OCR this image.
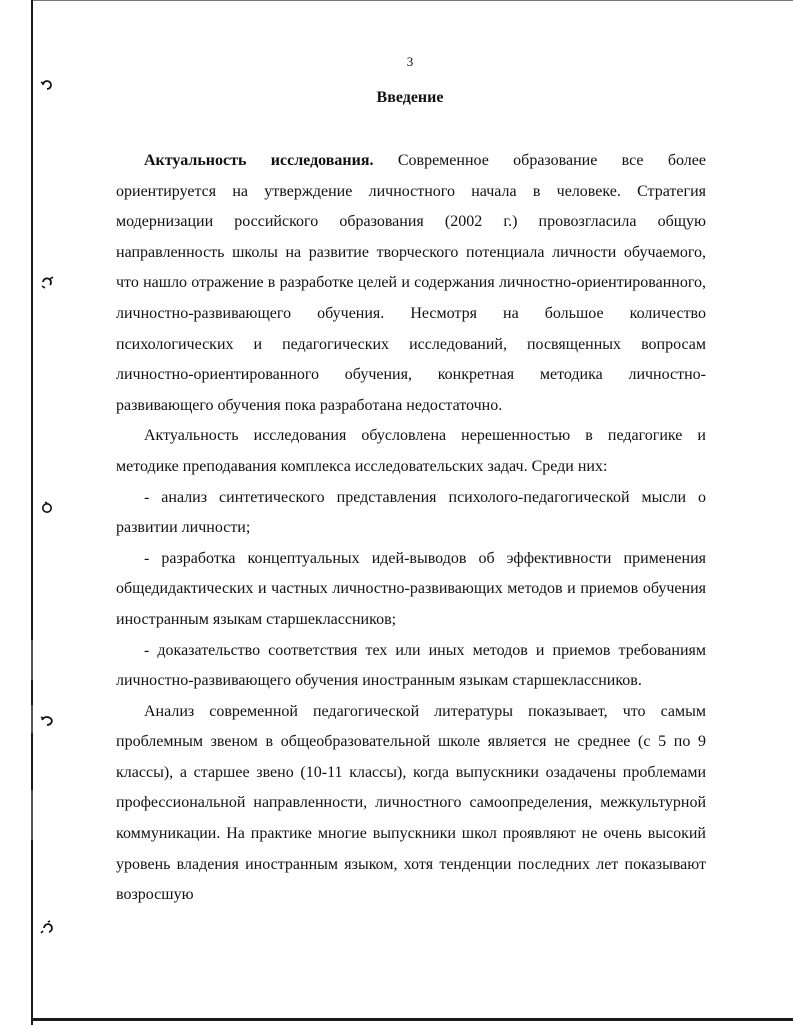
3
Введение

Актуальность исследования. Современное образование все более ориентируется на утверждение личностного начала в человеке. Стратегия модернизации российского образования (2002 г.) провозгласила общую направленность школы на развитие творческого потенциала личности обучаемого, что нашло отражение в разработке целей и содержания личностно-ориентированного, личностно-развивающего обучения. Несмотря на большое количество психологических и педагогических исследований, посвященных вопросам личностно-ориентированного обучения, конкретная методика личностно-развивающего обучения пока разработана недостаточно.

Актуальность исследования обусловлена нерешенностью в педагогике и методике преподавания комплекса исследовательских задач. Среди них:

- анализ синтетического представления психолого-педагогической мысли о развитии личности;

- разработка концептуальных идей-выводов об эффективности применения общедидактических и частных личностно-развивающих методов и приемов обучения иностранным языкам старшеклассников;

- доказательство соответствия тех или иных методов и приемов требованиям личностно-развивающего обучения иностранным языкам старшеклассников.

Анализ современной педагогической литературы показывает, что самым проблемным звеном в общеобразовательной школе является не среднее (с 5 по 9 классы), а старшее звено (10-11 классы), когда выпускники озадачены проблемами профессиональной направленности, личностного самоопределения, межкультурной коммуникации. На практике многие выпускники школ проявляют не очень высокий уровень владения иностранным языком, хотя тенденции последних лет показывают возросшую
